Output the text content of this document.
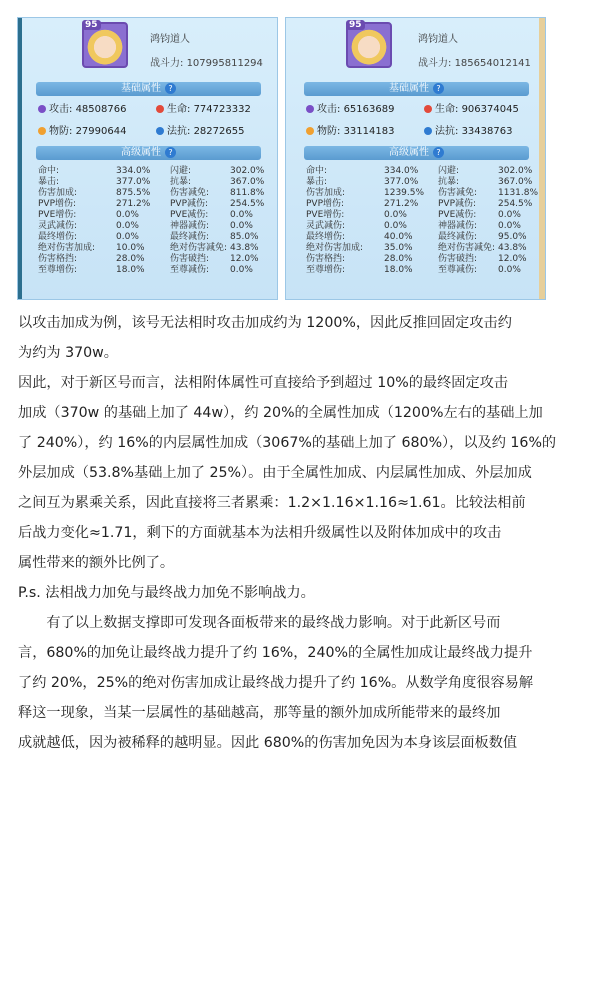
95
鸿钧道人
战斗力: 107995811294
基础属性 ?
攻击: 48508766	生命: 774723332
物防: 27990644	法抗: 28272655
高级属性 ?
命中:	334.0% 闪避:	302.0%
暴击:	377.0% 抗暴:	367.0%
伤害加成:	875.5% 伤害减免: 811.8%
PVP增伤:	271.2% PVP减伤: 254.5%
PVE增伤:	0.0%	PVE减伤: 0.0%
灵武减伤:	0.0%	神器减伤: 0.0%
最终增伤:	0.0%	最终减伤: 85.0%
绝对伤害加成: 10.0%	绝对伤害减免: 43.8%
伤害格挡:	28.0%	伤害破挡: 12.0%
至尊增伤:	18.0%	至尊减伤: 0.0%
95
鸿钧道人
战斗力: 185654012141
基础属性 ?
攻击: 65163689	生命: 906374045
物防: 33114183	法抗: 33438763
高级属性 ?
命中:	334.0% 闪避:	302.0%
暴击:	377.0% 抗暴:	367.0%
伤害加成:	1239.5% 伤害减免: 1131.8%
PVP增伤:	271.2% PVP减伤: 254.5%
PVE增伤:	0.0%	PVE减伤: 0.0%
灵武减伤:	0.0%	神器减伤: 0.0%
最终增伤:	40.0%	最终减伤: 95.0%
绝对伤害加成: 35.0%	绝对伤害减免: 43.8%
伤害格挡:	28.0%	伤害破挡: 12.0%
至尊增伤:	18.0%	至尊减伤: 0.0%

以攻击加成为例，该号无法相时攻击加成约为 1200%，因此反推回固定攻击约

为约为 370w。

因此，对于新区号而言，法相附体属性可直接给予到超过 10%的最终固定攻击

加成（370w 的基础上加了 44w），约 20%的全属性加成（1200%左右的基础上加

了 240%），约 16%的内层属性加成（3067%的基础上加了 680%），以及约 16%的

外层加成（53.8%基础上加了 25%）。由于全属性加成、内层属性加成、外层加成

之间互为累乘关系，因此直接将三者累乘：1.2×1.16×1.16≈1.61。比较法相前

后战力变化≈1.71，剩下的方面就基本为法相升级属性以及附体加成中的攻击

属性带来的额外比例了。

P.s. 法相战力加免与最终战力加免不影响战力。

　　有了以上数据支撑即可发现各面板带来的最终战力影响。对于此新区号而

言，680%的加免让最终战力提升了约 16%，240%的全属性加成让最终战力提升

了约 20%，25%的绝对伤害加成让最终战力提升了约 16%。从数学角度很容易解

释这一现象，当某一层属性的基础越高，那等量的额外加成所能带来的最终加

成就越低，因为被稀释的越明显。因此 680%的伤害加免因为本身该层面板数值
